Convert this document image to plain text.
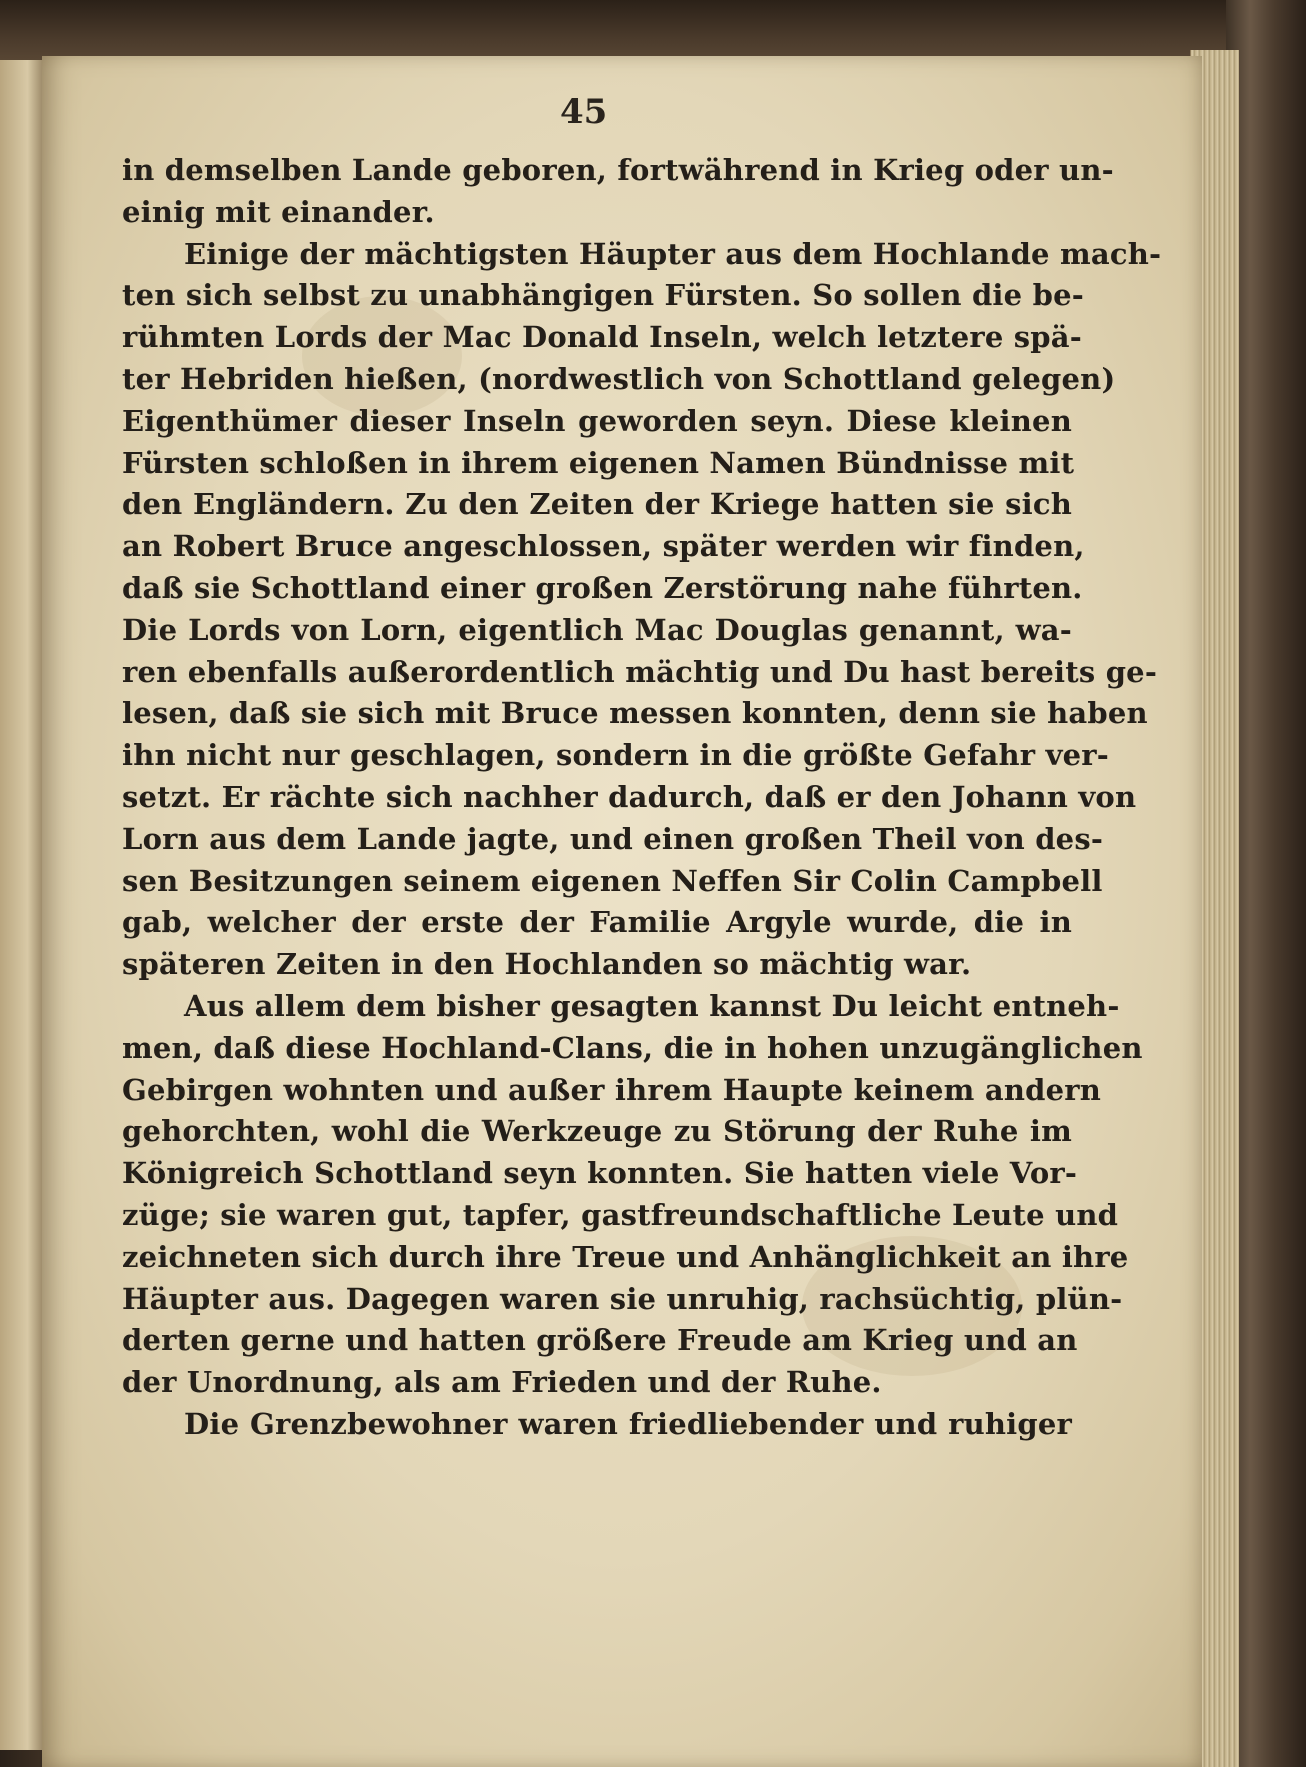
45
in demselben Lande geboren, fortwährend in Krieg oder un-
einig mit einander.
Einige der mächtigsten Häupter aus dem Hochlande mach-
ten sich selbst zu unabhängigen Fürsten. So sollen die be-
rühmten Lords der Mac Donald Inseln, welch letztere spä-
ter Hebriden hießen, (nordwestlich von Schottland gelegen)
Eigenthümer dieser Inseln geworden seyn. Diese kleinen
Fürsten schloßen in ihrem eigenen Namen Bündnisse mit
den Engländern. Zu den Zeiten der Kriege hatten sie sich
an Robert Bruce angeschlossen, später werden wir finden,
daß sie Schottland einer großen Zerstörung nahe führten.
Die Lords von Lorn, eigentlich Mac Douglas genannt, wa-
ren ebenfalls außerordentlich mächtig und Du hast bereits ge-
lesen, daß sie sich mit Bruce messen konnten, denn sie haben
ihn nicht nur geschlagen, sondern in die größte Gefahr ver-
setzt. Er rächte sich nachher dadurch, daß er den Johann von
Lorn aus dem Lande jagte, und einen großen Theil von des-
sen Besitzungen seinem eigenen Neffen Sir Colin Campbell
gab, welcher der erste der Familie Argyle wurde, die in
späteren Zeiten in den Hochlanden so mächtig war.
Aus allem dem bisher gesagten kannst Du leicht entneh-
men, daß diese Hochland-Clans, die in hohen unzugänglichen
Gebirgen wohnten und außer ihrem Haupte keinem andern
gehorchten, wohl die Werkzeuge zu Störung der Ruhe im
Königreich Schottland seyn konnten. Sie hatten viele Vor-
züge; sie waren gut, tapfer, gastfreundschaftliche Leute und
zeichneten sich durch ihre Treue und Anhänglichkeit an ihre
Häupter aus. Dagegen waren sie unruhig, rachsüchtig, plün-
derten gerne und hatten größere Freude am Krieg und an
der Unordnung, als am Frieden und der Ruhe.
Die Grenzbewohner waren friedliebender und ruhiger
